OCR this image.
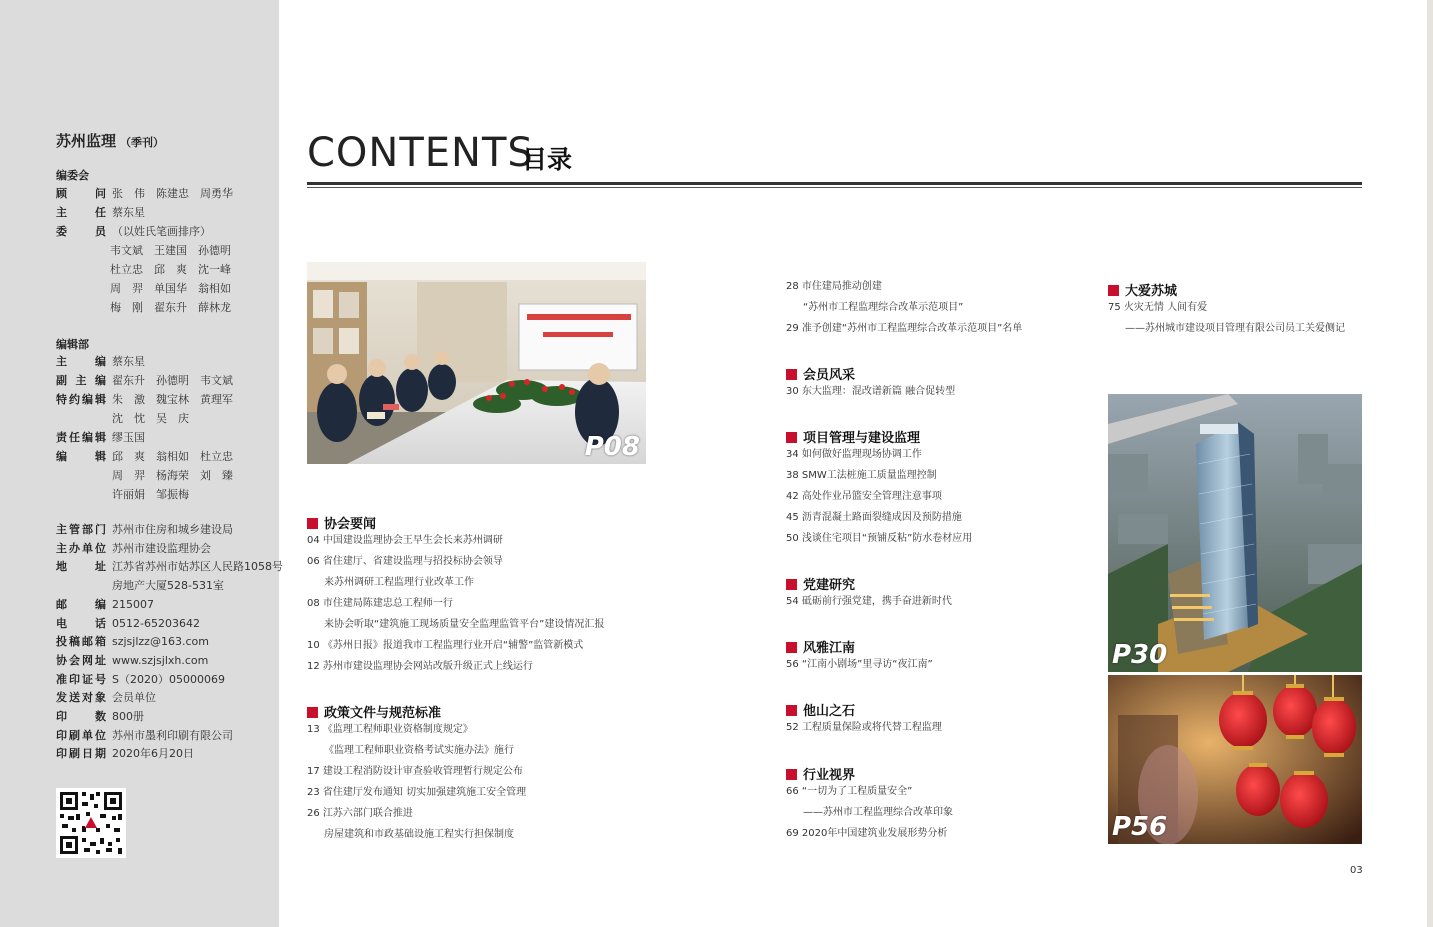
苏州监理 （季刊）
编委会
顾　问 张　伟　陈建忠　周勇华
主　任 蔡东星
委　员 （以姓氏笔画排序）
韦文斌　王建国　孙德明
杜立忠　邱　爽　沈一峰
周　羿　单国华　翁相如
梅　刚　翟东升　薛林龙
编辑部
主　编 蔡东星
副 主 编 翟东升　孙德明　韦文斌
特约编辑 朱　激　魏宝林　黄理军
沈　忱　吴　庆
责任编辑 缪玉国
编　辑 邱　爽　翁相如　杜立忠
周　羿　杨海荣　刘　臻
许丽娟　邹振梅
主管部门 苏州市住房和城乡建设局
主办单位 苏州市建设监理协会
地　址 江苏省苏州市姑苏区人民路1058号
房地产大厦528-531室
邮　编 215007
电　话 0512-65203642
投稿邮箱 szjsjlzz@163.com
协会网址 www.szjsjlxh.com
准印证号 S（2020）05000069
发送对象 会员单位
印　数 800册
印刷单位 苏州市墨利印刷有限公司
印刷日期 2020年6月20日
CONTENTS
目录
P08
P30
P56
协会要闻
政策文件与规范标准
会员风采
项目管理与建设监理
党建研究
风雅江南
他山之石
行业视界
大爱苏城
04 中国建设监理协会王早生会长来苏州调研
06 省住建厅、省建设监理与招投标协会领导
来苏州调研工程监理行业改革工作
08 市住建局陈建忠总工程师一行
来协会听取“建筑施工现场质量安全监理监管平台”建设情况汇报
10 《苏州日报》报道我市工程监理行业开启“辅警”监管新模式
12 苏州市建设监理协会网站改版升级正式上线运行
13 《监理工程师职业资格制度规定》
《监理工程师职业资格考试实施办法》施行
17 建设工程消防设计审查验收管理暂行规定公布
23 省住建厅发布通知 切实加强建筑施工安全管理
26 江苏六部门联合推进
房屋建筑和市政基础设施工程实行担保制度
28 市住建局推动创建
“苏州市工程监理综合改革示范项目”
29 准予创建“苏州市工程监理综合改革示范项目”名单
30 东大监理：混改谱新篇 融合促转型
34 如何做好监理现场协调工作
38 SMW工法桩施工质量监理控制
42 高处作业吊篮安全管理注意事项
45 沥青混凝土路面裂缝成因及预防措施
50 浅谈住宅项目“预铺反粘”防水卷材应用
54 砥砺前行强党建，携手奋进新时代
56 “江南小剧场”里寻访“夜江南”
52 工程质量保险或将代替工程监理
66 “一切为了工程质量安全”
——苏州市工程监理综合改革印象
69 2020年中国建筑业发展形势分析
75 火灾无情 人间有爱
——苏州城市建设项目管理有限公司员工关爱侧记
03
